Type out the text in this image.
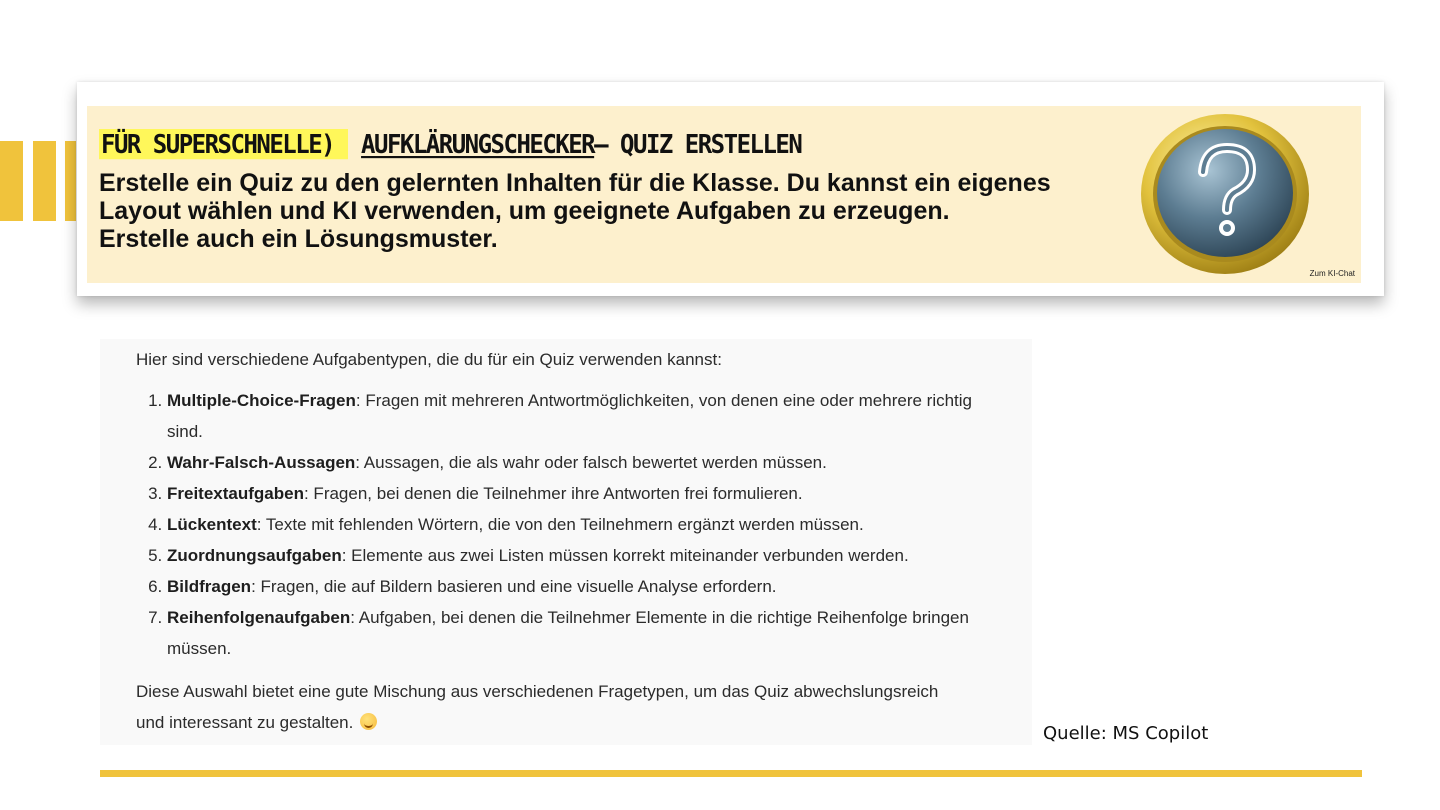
FÜR SUPERSCHNELLE) AUFKLÄRUNGSCHECKER– QUIZ ERSTELLEN
Erstelle ein Quiz zu den gelernten Inhalten für die Klasse. Du kannst ein eigenes
Layout wählen und KI verwenden, um geeignete Aufgaben zu erzeugen.
Erstelle auch ein Lösungsmuster.
Zum KI-Chat

Hier sind verschiedene Aufgabentypen, die du für ein Quiz verwenden kannst:

1. Multiple-Choice-Fragen: Fragen mit mehreren Antwortmöglichkeiten, von denen eine oder mehrere richtig sind.
2. Wahr-Falsch-Aussagen: Aussagen, die als wahr oder falsch bewertet werden müssen.
3. Freitextaufgaben: Fragen, bei denen die Teilnehmer ihre Antworten frei formulieren.
4. Lückentext: Texte mit fehlenden Wörtern, die von den Teilnehmern ergänzt werden müssen.
5. Zuordnungsaufgaben: Elemente aus zwei Listen müssen korrekt miteinander verbunden werden.
6. Bildfragen: Fragen, die auf Bildern basieren und eine visuelle Analyse erfordern.
7. Reihenfolgenaufgaben: Aufgaben, bei denen die Teilnehmer Elemente in die richtige Reihenfolge bringen müssen.

Diese Auswahl bietet eine gute Mischung aus verschiedenen Fragetypen, um das Quiz abwechslungsreich
und interessant zu gestalten.

Quelle: MS Copilot
